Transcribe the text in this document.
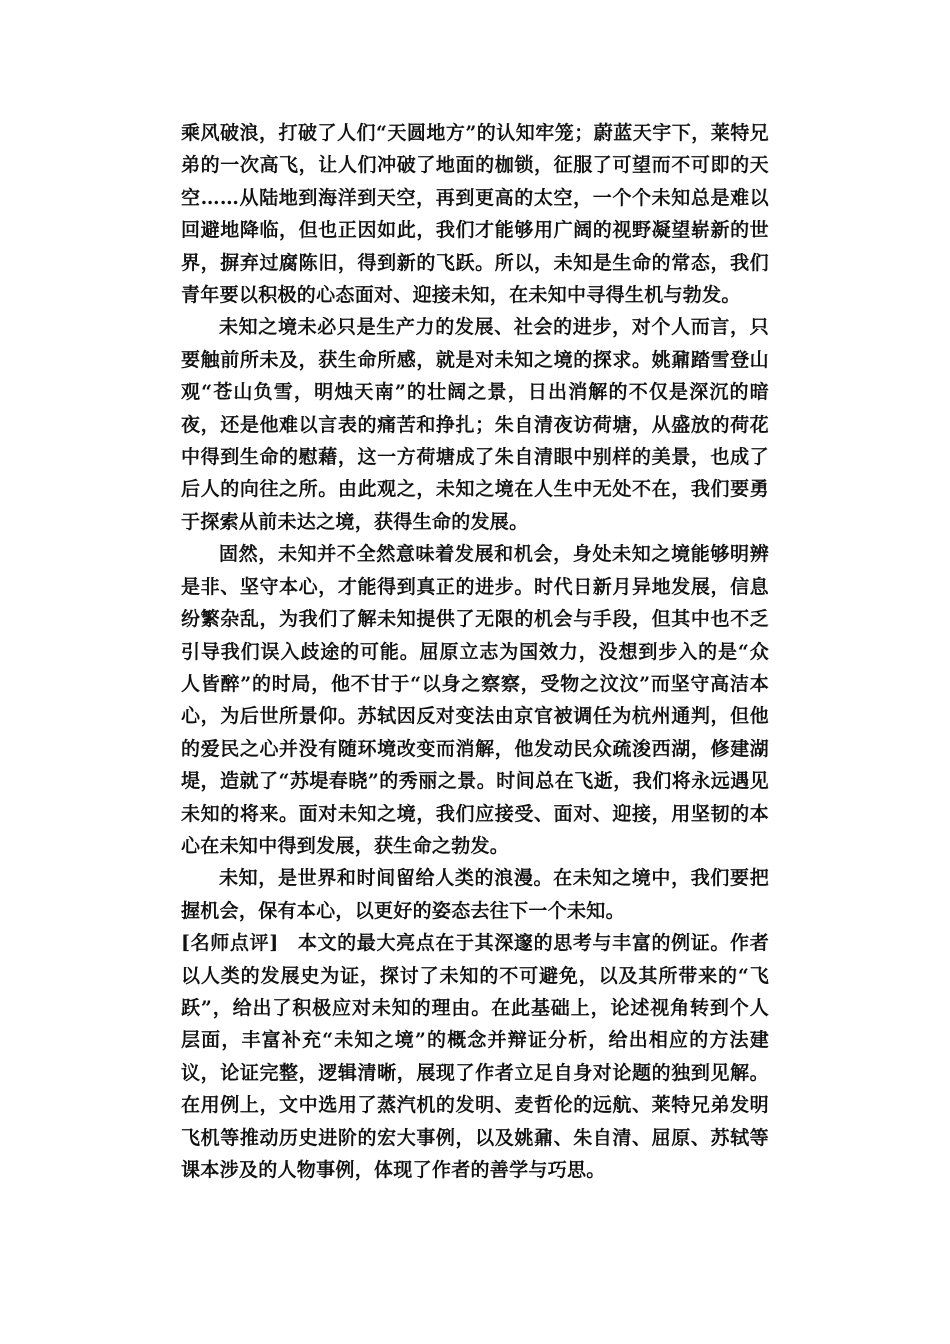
乘风破浪，打破了人们“天圆地方”的认知牢笼；蔚蓝天宇下，莱特兄弟的一次高飞，让人们冲破了地面的枷锁，征服了可望而不可即的天空……从陆地到海洋到天空，再到更高的太空，一个个未知总是难以回避地降临，但也正因如此，我们才能够用广阔的视野凝望崭新的世界，摒弃过腐陈旧，得到新的飞跃。所以，未知是生命的常态，我们青年要以积极的心态面对、迎接未知，在未知中寻得生机与勃发。

未知之境未必只是生产力的发展、社会的进步，对个人而言，只要触前所未及，获生命所感，就是对未知之境的探求。姚鼐踏雪登山观“苍山负雪，明烛天南”的壮阔之景，日出消解的不仅是深沉的暗夜，还是他难以言表的痛苦和挣扎；朱自清夜访荷塘，从盛放的荷花中得到生命的慰藉，这一方荷塘成了朱自清眼中别样的美景，也成了后人的向往之所。由此观之，未知之境在人生中无处不在，我们要勇于探索从前未达之境，获得生命的发展。

固然，未知并不全然意味着发展和机会，身处未知之境能够明辨是非、坚守本心，才能得到真正的进步。时代日新月异地发展，信息纷繁杂乱，为我们了解未知提供了无限的机会与手段，但其中也不乏引导我们误入歧途的可能。屈原立志为国效力，没想到步入的是“众人皆醉”的时局，他不甘于“以身之察察，受物之汶汶”而坚守高洁本心，为后世所景仰。苏轼因反对变法由京官被调任为杭州通判，但他的爱民之心并没有随环境改变而消解，他发动民众疏浚西湖，修建湖堤，造就了“苏堤春晓”的秀丽之景。时间总在飞逝，我们将永远遇见未知的将来。面对未知之境，我们应接受、面对、迎接，用坚韧的本心在未知中得到发展，获生命之勃发。

未知，是世界和时间留给人类的浪漫。在未知之境中，我们要把握机会，保有本心，以更好的姿态去往下一个未知。

[名师点评] 本文的最大亮点在于其深邃的思考与丰富的例证。作者以人类的发展史为证，探讨了未知的不可避免，以及其所带来的“飞跃”，给出了积极应对未知的理由。在此基础上，论述视角转到个人层面，丰富补充“未知之境”的概念并辩证分析，给出相应的方法建议，论证完整，逻辑清晰，展现了作者立足自身对论题的独到见解。在用例上，文中选用了蒸汽机的发明、麦哲伦的远航、莱特兄弟发明飞机等推动历史进阶的宏大事例，以及姚鼐、朱自清、屈原、苏轼等课本涉及的人物事例，体现了作者的善学与巧思。
